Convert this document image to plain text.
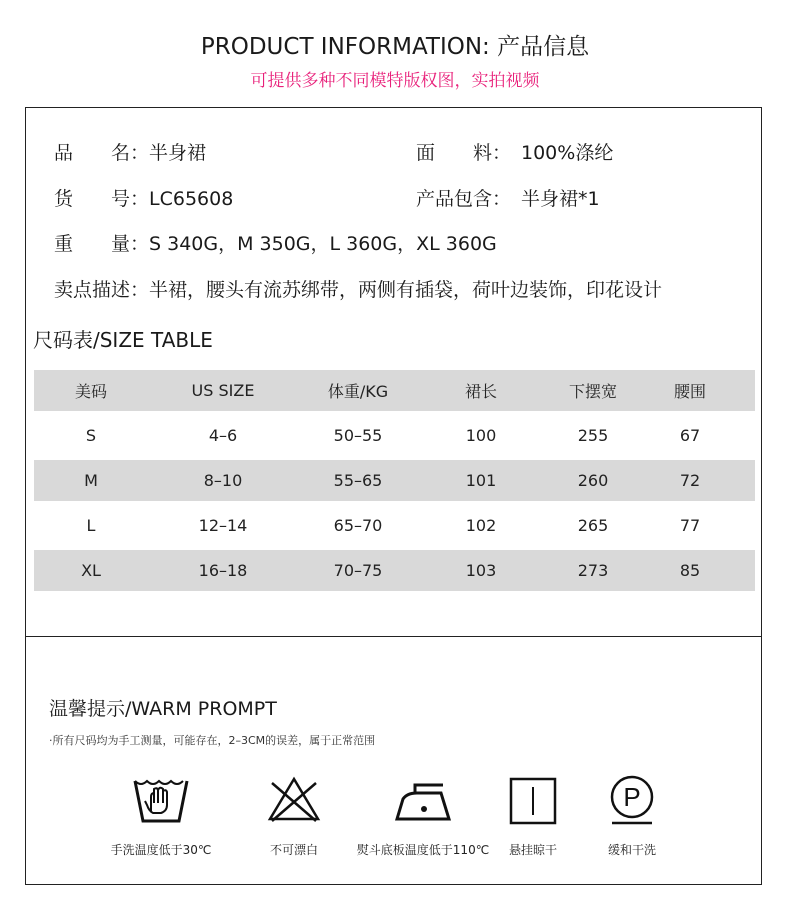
PRODUCT INFORMATION: 产品信息
可提供多种不同模特版权图，实拍视频
品　　名：半身裙	面　　料： 100%涤纶
货　　号：LC65608	产品包含： 半身裙*1
重　　量：S 340G，M 350G，L 360G，XL 360G
卖点描述：半裙，腰头有流苏绑带，两侧有插袋，荷叶边装饰，印花设计
尺码表/SIZE TABLE
美码	US SIZE	体重/KG	裙长	下摆宽	腰围
S	4–6	50–55	100	255	67
M	8–10	55–65	101	260	72
L	12–14	65–70	102	265	77
XL	16–18	70–75	103	273	85
温馨提示/WARM PROMPT
·所有尺码均为手工测量，可能存在，2–3CM的误差，属于正常范围
手洗温度低于30℃	不可漂白	熨斗底板温度低于110℃	悬挂晾干
P
缓和干洗
